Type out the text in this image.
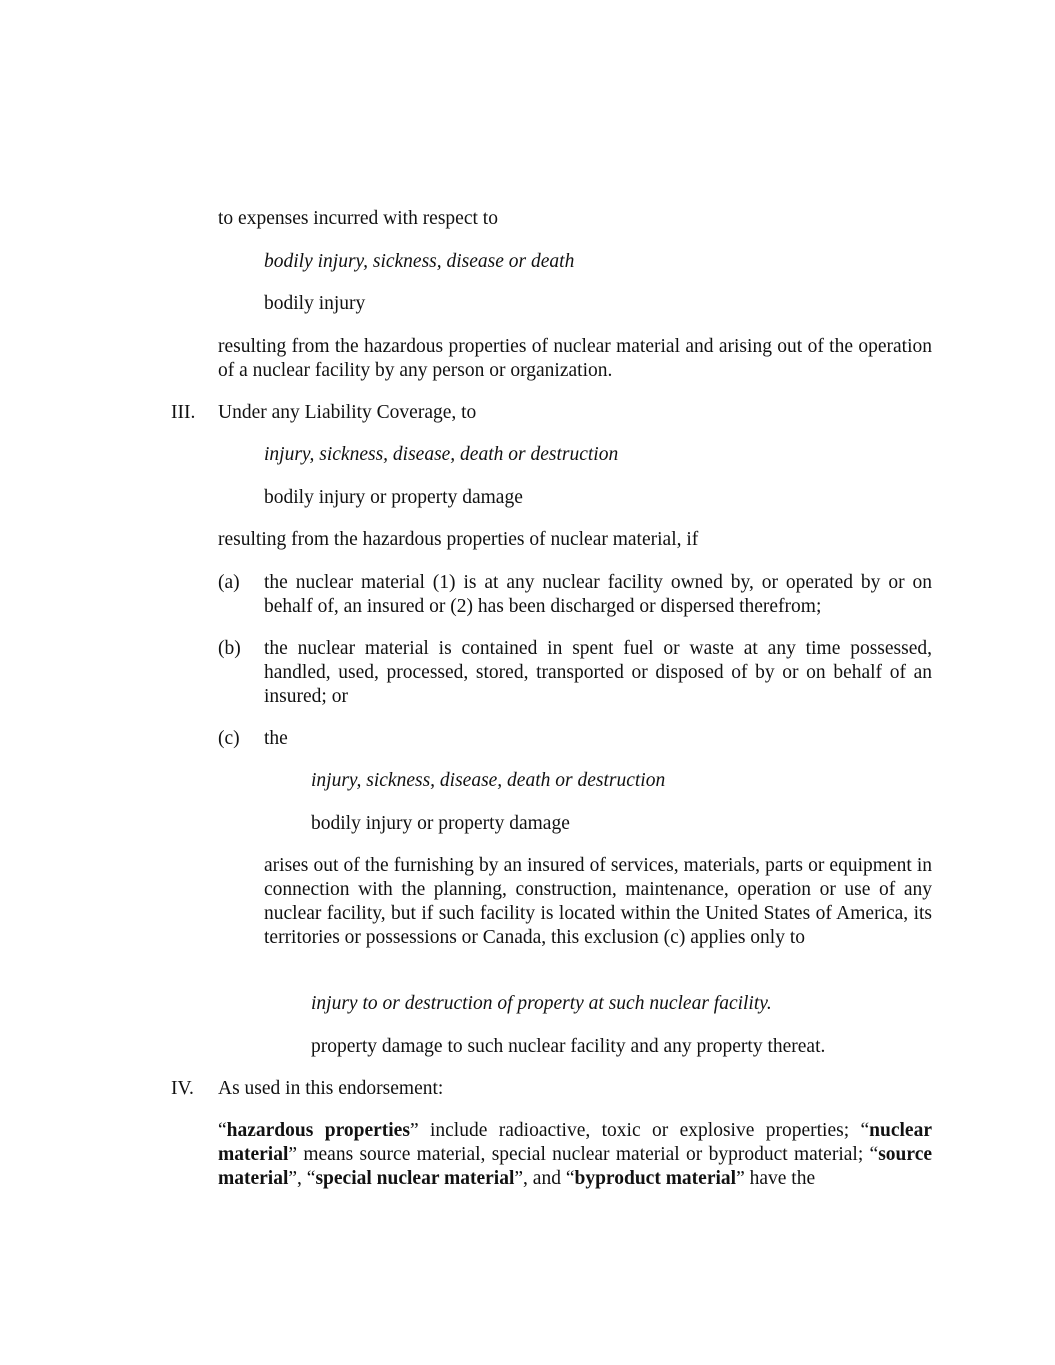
to expenses incurred with respect to
bodily injury, sickness, disease or death
bodily injury
resulting from the hazardous properties of nuclear material and arising out of the operation of a nuclear facility by any person or organization.
III. Under any Liability Coverage, to
injury, sickness, disease, death or destruction
bodily injury or property damage
resulting from the hazardous properties of nuclear material, if
(a) the nuclear material (1) is at any nuclear facility owned by, or operated by or on behalf of, an insured or (2) has been discharged or dispersed therefrom;
(b) the nuclear material is contained in spent fuel or waste at any time possessed, handled, used, processed, stored, transported or disposed of by or on behalf of an insured; or
(c) the
injury, sickness, disease, death or destruction
bodily injury or property damage
arises out of the furnishing by an insured of services, materials, parts or equipment in connection with the planning, construction, maintenance, operation or use of any nuclear facility, but if such facility is located within the United States of America, its territories or possessions or Canada, this exclusion (c) applies only to
injury to or destruction of property at such nuclear facility.
property damage to such nuclear facility and any property thereat.
IV. As used in this endorsement:
“hazardous properties” include radioactive, toxic or explosive properties; “nuclear material” means source material, special nuclear material or byproduct material; “source material”, “special nuclear material”, and “byproduct material” have the
